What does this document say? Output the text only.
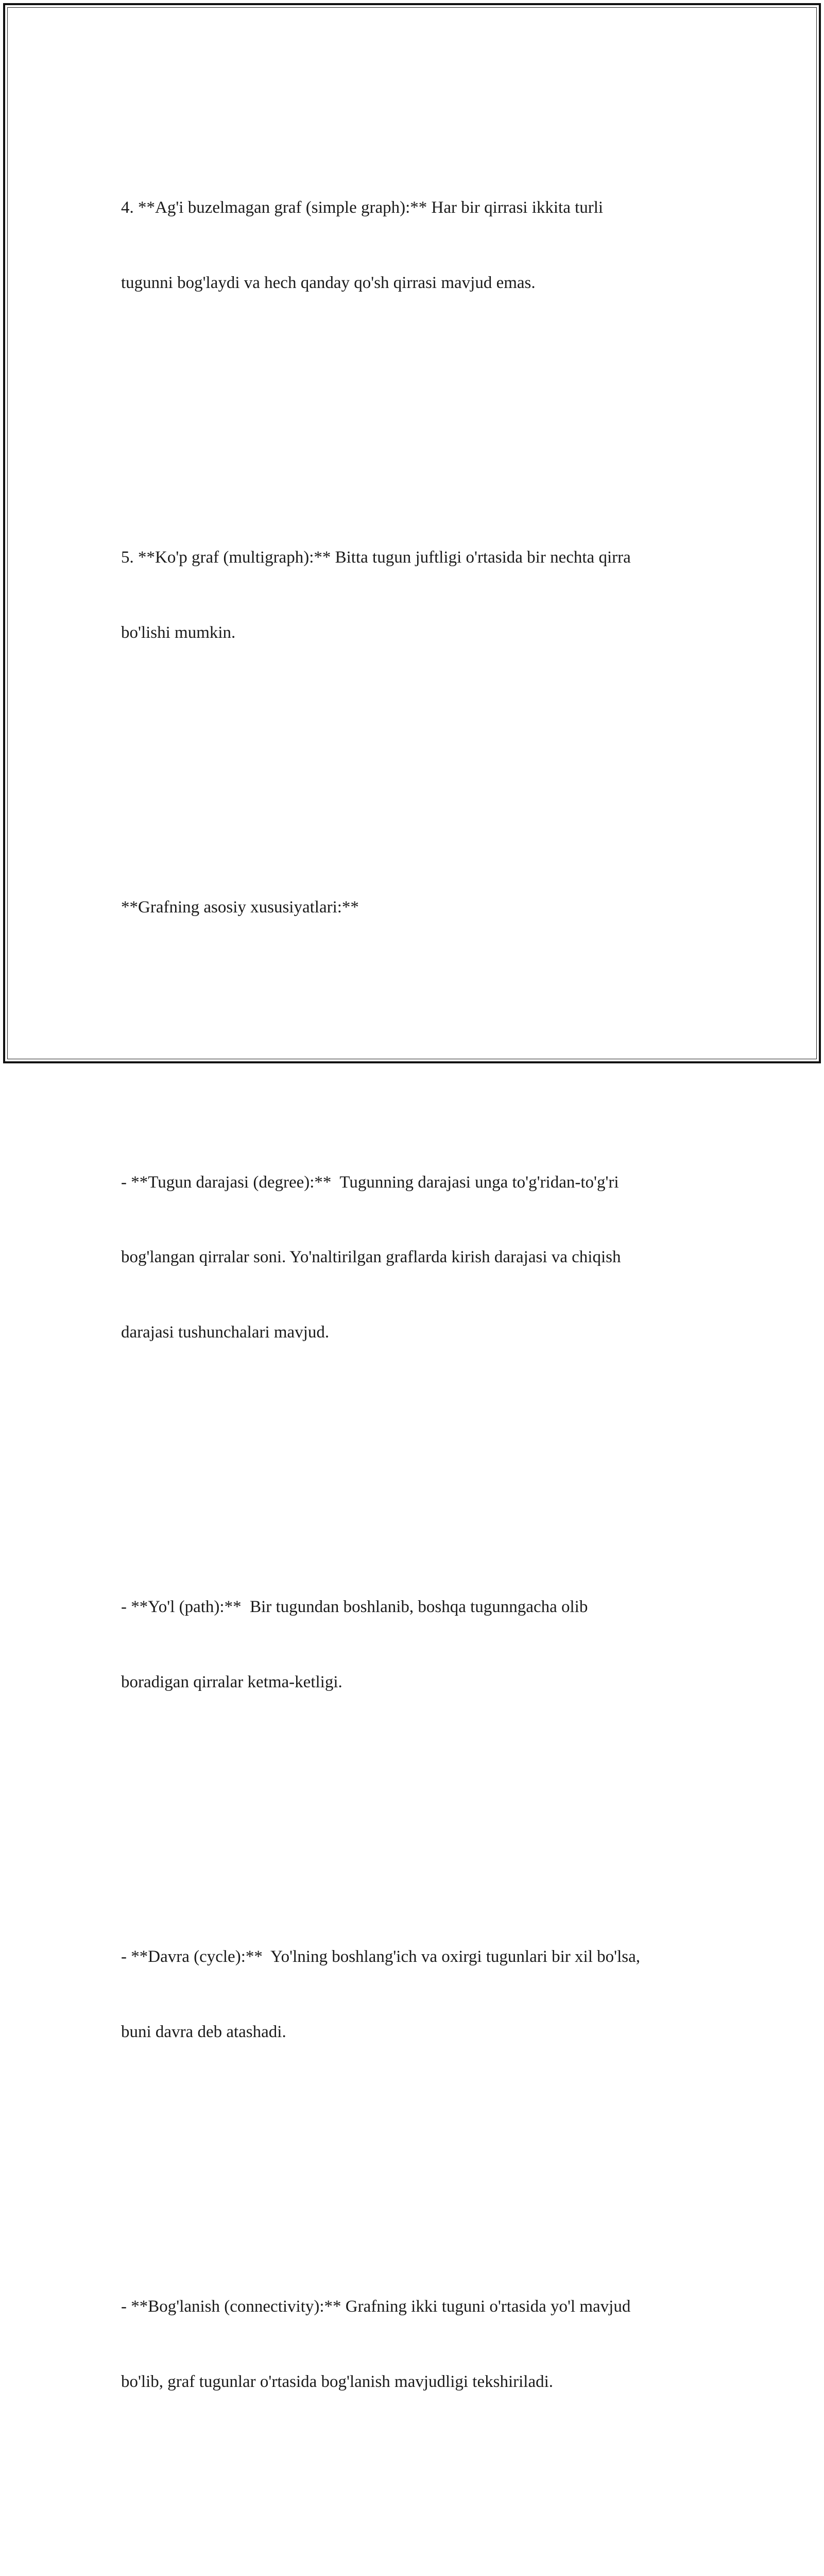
4. **Ag'i buzelmagan graf (simple graph):** Har bir qirrasi ikkita turli

tugunni bog'laydi va hech qanday qo'sh qirrasi mavjud emas.

5. **Ko'p graf (multigraph):** Bitta tugun juftligi o'rtasida bir nechta qirra

bo'lishi mumkin.

**Grafning asosiy xususiyatlari:**

- **Tugun darajasi (degree):**  Tugunning darajasi unga to'g'ridan-to'g'ri

bog'langan qirralar soni. Yo'naltirilgan graflarda kirish darajasi va chiqish

darajasi tushunchalari mavjud.

- **Yo'l (path):**  Bir tugundan boshlanib, boshqa tugunngacha olib

boradigan qirralar ketma-ketligi.

- **Davra (cycle):**  Yo'lning boshlang'ich va oxirgi tugunlari bir xil bo'lsa,

buni davra deb atashadi.

- **Bog'lanish (connectivity):** Grafning ikki tuguni o'rtasida yo'l mavjud

bo'lib, graf tugunlar o'rtasida bog'lanish mavjudligi tekshiriladi.
